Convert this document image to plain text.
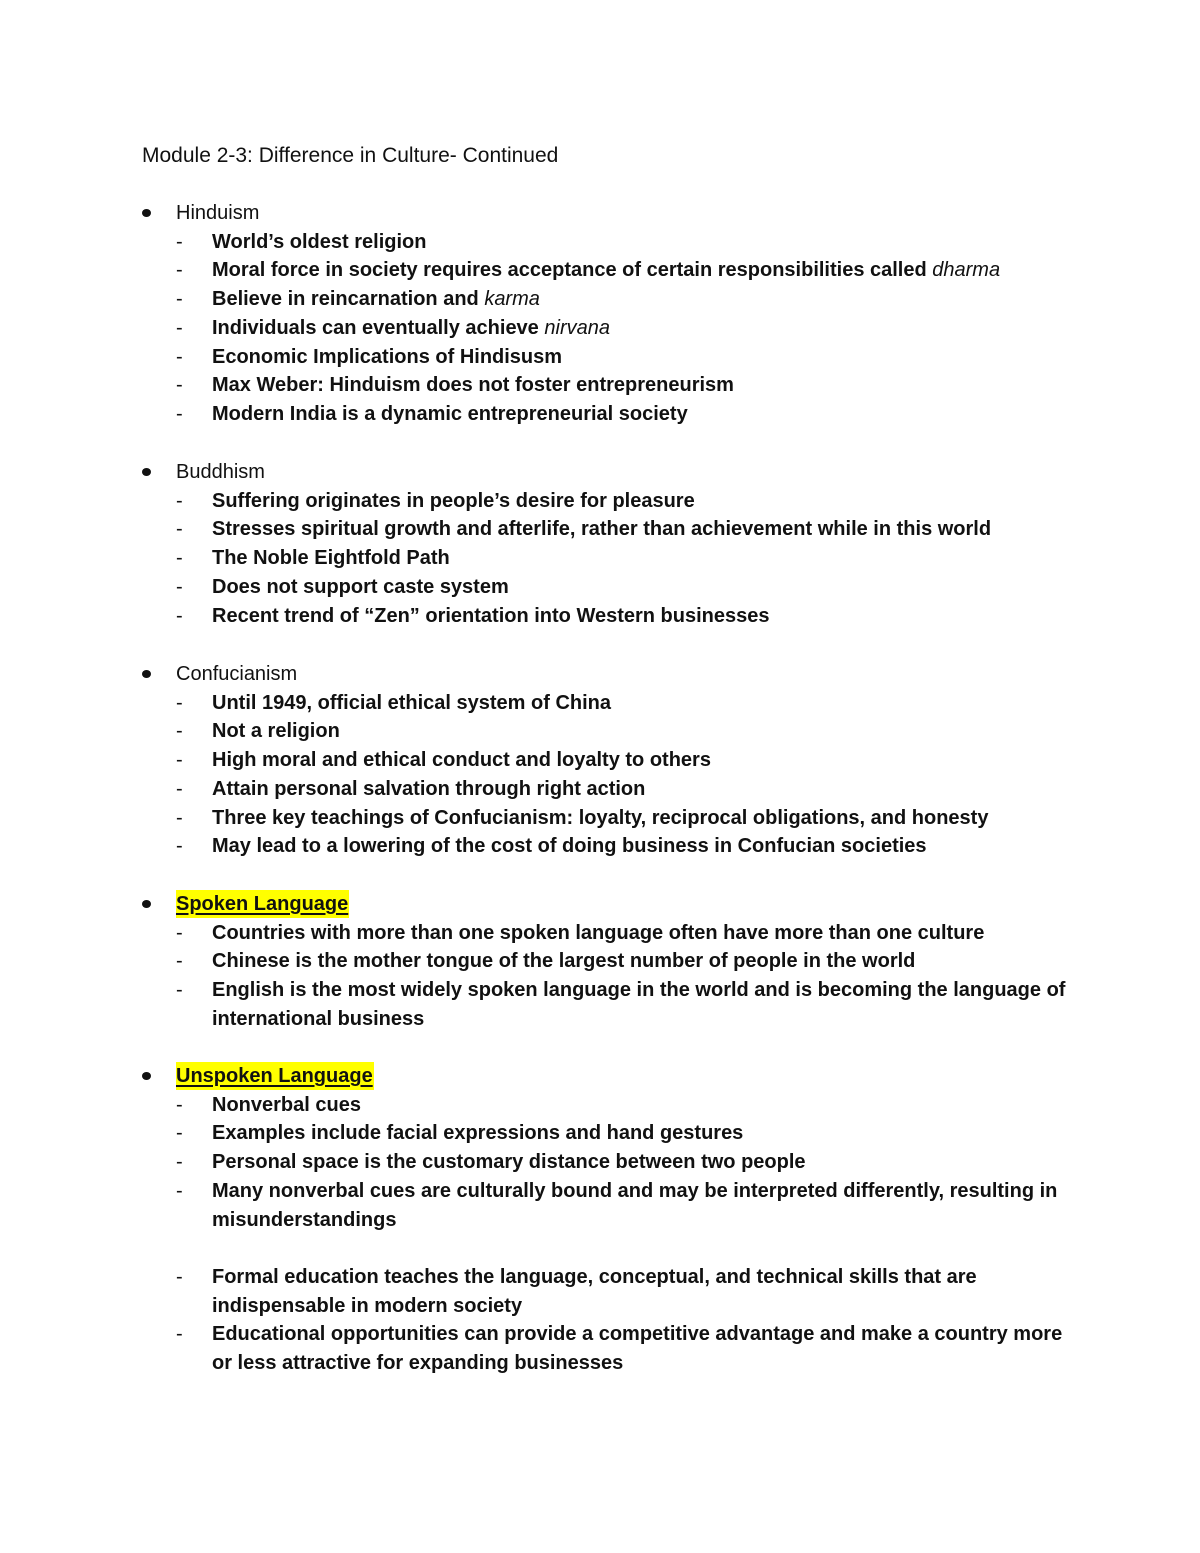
Module 2-3: Difference in Culture- Continued
Hinduism
- World’s oldest religion
- Moral force in society requires acceptance of certain responsibilities called dharma
- Believe in reincarnation and karma
- Individuals can eventually achieve nirvana
- Economic Implications of Hindisusm
- Max Weber: Hinduism does not foster entrepreneurism
- Modern India is a dynamic entrepreneurial society
Buddhism
- Suffering originates in people’s desire for pleasure
- Stresses spiritual growth and afterlife, rather than achievement while in this world
- The Noble Eightfold Path
- Does not support caste system
- Recent trend of “Zen” orientation into Western businesses
Confucianism
- Until 1949, official ethical system of China
- Not a religion
- High moral and ethical conduct and loyalty to others
- Attain personal salvation through right action
- Three key teachings of Confucianism: loyalty, reciprocal obligations, and honesty
- May lead to a lowering of the cost of doing business in Confucian societies
Spoken Language
- Countries with more than one spoken language often have more than one culture
- Chinese is the mother tongue of the largest number of people in the world
- English is the most widely spoken language in the world and is becoming the language of international business
Unspoken Language
- Nonverbal cues
- Examples include facial expressions and hand gestures
- Personal space is the customary distance between two people
- Many nonverbal cues are culturally bound and may be interpreted differently, resulting in misunderstandings
- Formal education teaches the language, conceptual, and technical skills that are indispensable in modern society
- Educational opportunities can provide a competitive advantage and make a country more or less attractive for expanding businesses
